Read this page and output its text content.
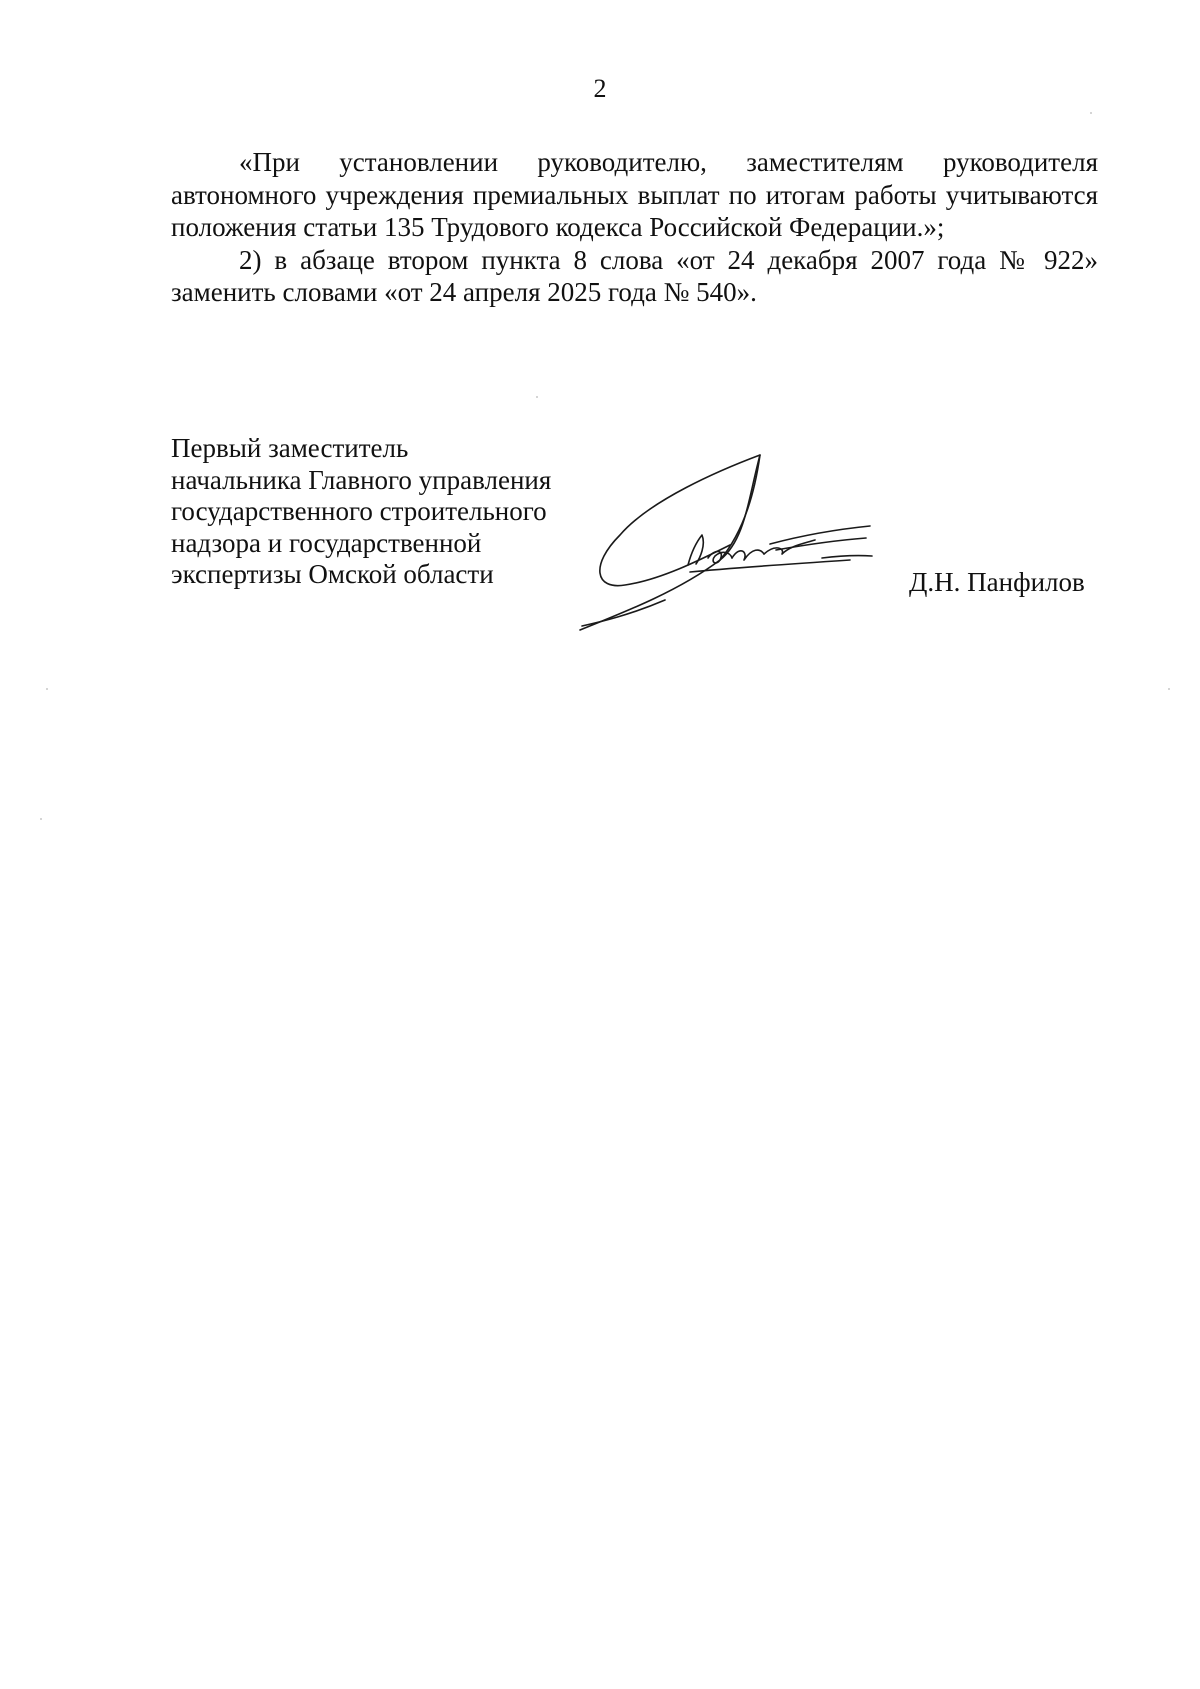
2

«При установлении руководителю, заместителям руководителя автономного учреждения премиальных выплат по итогам работы учитываются положения статьи 135 Трудового кодекса Российской Федерации.»;

2) в абзаце втором пункта 8 слова «от 24 декабря 2007 года № 922» заменить словами «от 24 апреля 2025 года № 540».

Первый заместитель
начальника Главного управления
государственного строительного
надзора и государственной
экспертизы Омской области	Д.Н. Панфилов
